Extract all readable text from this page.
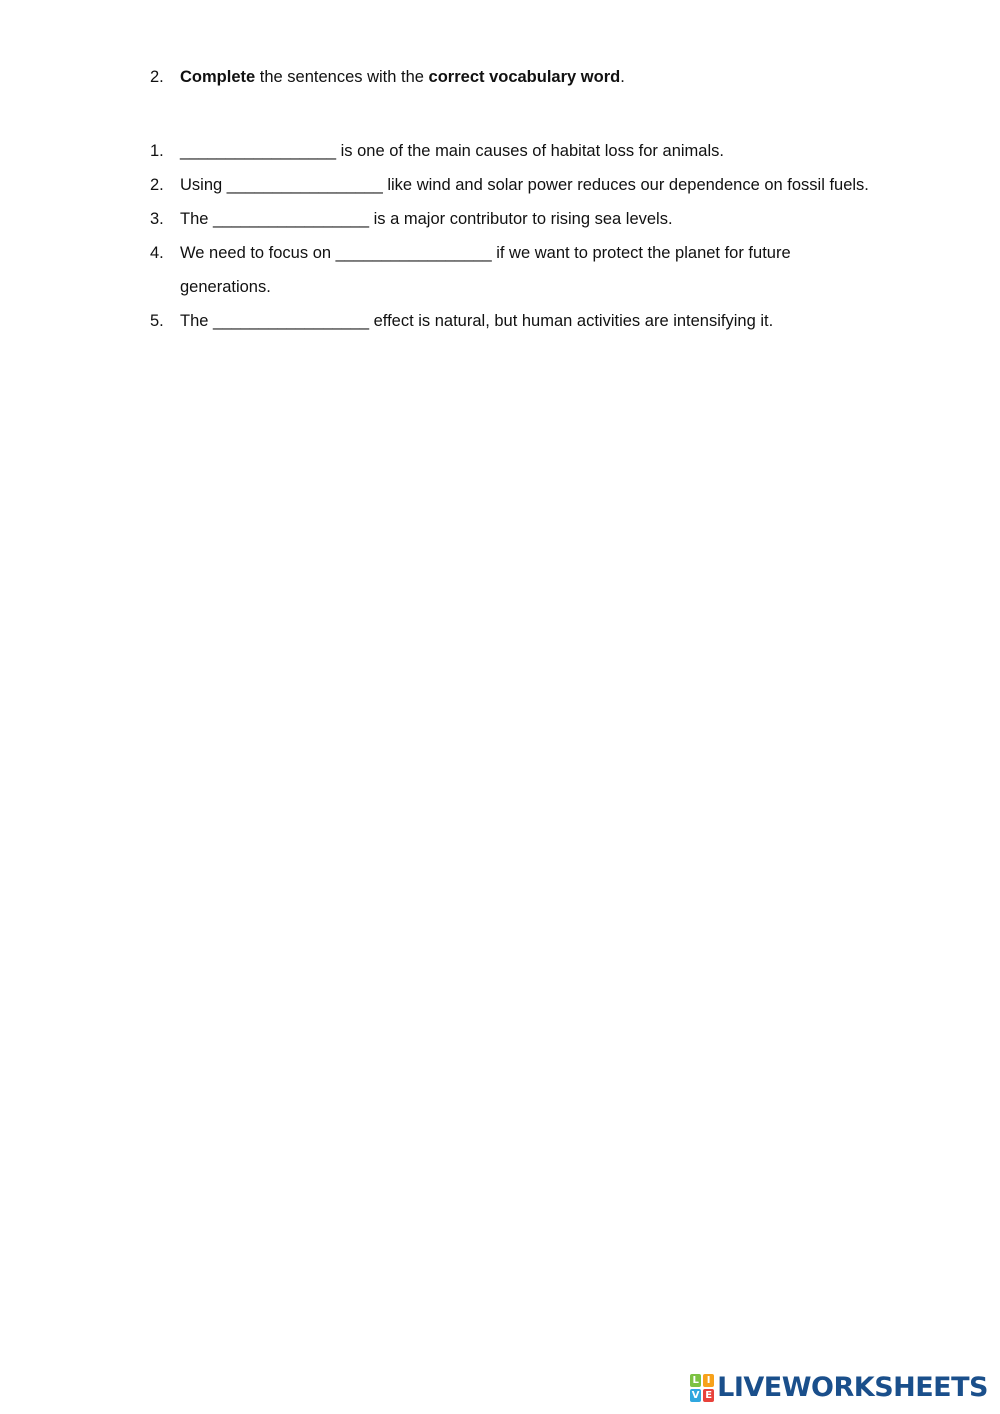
2. Complete the sentences with the correct vocabulary word.
1. _________________ is one of the main causes of habitat loss for animals.
2. Using _________________ like wind and solar power reduces our dependence on fossil fuels.
3. The _________________ is a major contributor to rising sea levels.
4. We need to focus on _________________ if we want to protect the planet for future
generations.
5. The _________________ effect is natural, but human activities are intensifying it.
L I
V E LIVEWORKSHEETS
